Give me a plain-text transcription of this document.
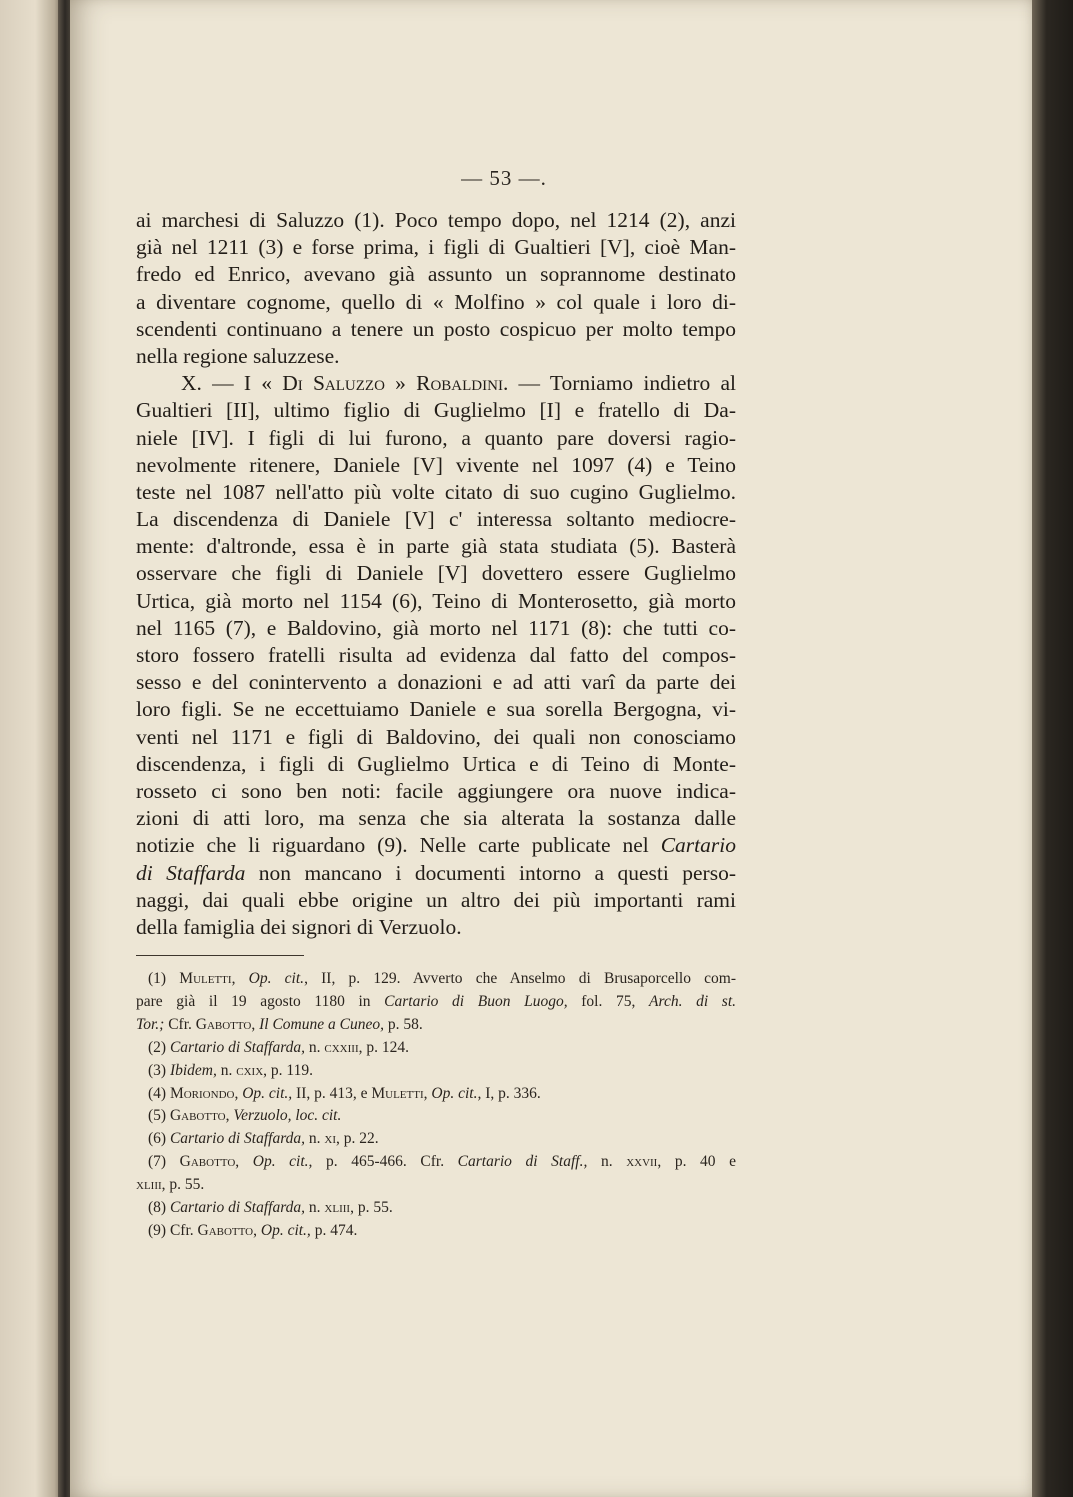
— 53 —.
ai marchesi di Saluzzo (1). Poco tempo dopo, nel 1214 (2), anzi
già nel 1211 (3) e forse prima, i figli di Gualtieri [V], cioè Man-
fredo ed Enrico, avevano già assunto un soprannome destinato
a diventare cognome, quello di « Molfino » col quale i loro di-
scendenti continuano a tenere un posto cospicuo per molto tempo
nella regione saluzzese.
X. — I « Di Saluzzo » Robaldini. — Torniamo indietro al
Gualtieri [II], ultimo figlio di Guglielmo [I] e fratello di Da-
niele [IV]. I figli di lui furono, a quanto pare doversi ragio-
nevolmente ritenere, Daniele [V] vivente nel 1097 (4) e Teino
teste nel 1087 nell'atto più volte citato di suo cugino Guglielmo.
La discendenza di Daniele [V] c' interessa soltanto mediocre-
mente: d'altronde, essa è in parte già stata studiata (5). Basterà
osservare che figli di Daniele [V] dovettero essere Guglielmo
Urtica, già morto nel 1154 (6), Teino di Monterosetto, già morto
nel 1165 (7), e Baldovino, già morto nel 1171 (8): che tutti co-
storo fossero fratelli risulta ad evidenza dal fatto del compos-
sesso e del conintervento a donazioni e ad atti varî da parte dei
loro figli. Se ne eccettuiamo Daniele e sua sorella Bergogna, vi-
venti nel 1171 e figli di Baldovino, dei quali non conosciamo
discendenza, i figli di Guglielmo Urtica e di Teino di Monte-
rosseto ci sono ben noti: facile aggiungere ora nuove indica-
zioni di atti loro, ma senza che sia alterata la sostanza dalle
notizie che li riguardano (9). Nelle carte publicate nel Cartario
di Staffarda non mancano i documenti intorno a questi perso-
naggi, dai quali ebbe origine un altro dei più importanti rami
della famiglia dei signori di Verzuolo.
(1) Muletti, Op. cit., II, p. 129. Avverto che Anselmo di Brusaporcello com-
pare già il 19 agosto 1180 in Cartario di Buon Luogo, fol. 75, Arch. di st.
Tor.; Cfr. Gabotto, Il Comune a Cuneo, p. 58.
(2) Cartario di Staffarda, n. cxxiii, p. 124.
(3) Ibidem, n. cxix, p. 119.
(4) Moriondo, Op. cit., II, p. 413, e Muletti, Op. cit., I, p. 336.
(5) Gabotto, Verzuolo, loc. cit.
(6) Cartario di Staffarda, n. xi, p. 22.
(7) Gabotto, Op. cit., p. 465-466. Cfr. Cartario di Staff., n. xxvii, p. 40 e
xliii, p. 55.
(8) Cartario di Staffarda, n. xliii, p. 55.
(9) Cfr. Gabotto, Op. cit., p. 474.
